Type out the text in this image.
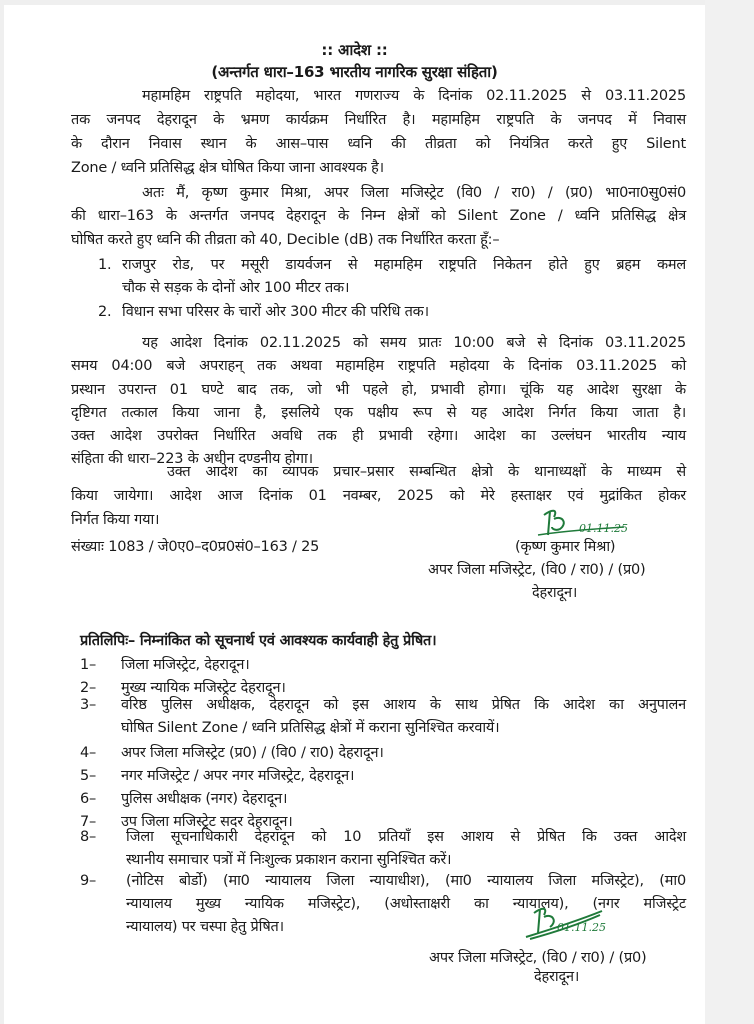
:: आदेश ::
(अन्तर्गत धारा–163 भारतीय नागरिक सुरक्षा संहिता)
महामहिम राष्ट्रपति महोदया, भारत गणराज्य के दिनांक 02.11.2025 से 03.11.2025
तक जनपद देहरादून के भ्रमण कार्यक्रम निर्धारित है। महामहिम राष्ट्रपति के जनपद में निवास
के दौरान निवास स्थान के आस–पास ध्वनि की तीव्रता को नियंत्रित करते हुए Silent
Zone / ध्वनि प्रतिसिद्ध क्षेत्र घोषित किया जाना आवश्यक है।
अतः मैं, कृष्ण कुमार मिश्रा, अपर जिला मजिस्ट्रेट (वि0 / रा0) / (प्र0) भा0ना0सु0सं0
की धारा–163 के अन्तर्गत जनपद देहरादून के निम्न क्षेत्रों को Silent Zone / ध्वनि प्रतिसिद्ध क्षेत्र
घोषित करते हुए ध्वनि की तीव्रता को 40, Decible (dB) तक निर्धारित करता हूँ:–
1. राजपुर रोड, पर मसूरी डायर्वजन से महामहिम राष्ट्रपति निकेतन होते हुए ब्रहम कमल
चौक से सड़क के दोनों ओर 100 मीटर तक।
2. विधान सभा परिसर के चारों ओर 300 मीटर की परिधि तक।
यह आदेश दिनांक 02.11.2025 को समय प्रातः 10:00 बजे से दिनांक 03.11.2025
समय 04:00 बजे अपराहन् तक अथवा महामहिम राष्ट्रपति महोदया के दिनांक 03.11.2025 को
प्रस्थान उपरान्त 01 घण्टे बाद तक, जो भी पहले हो, प्रभावी होगा। चूंकि यह आदेश सुरक्षा के
दृष्टिगत तत्काल किया जाना है, इसलिये एक पक्षीय रूप से यह आदेश निर्गत किया जाता है।
उक्त आदेश उपरोक्त निर्धारित अवधि तक ही प्रभावी रहेगा। आदेश का उल्लंघन भारतीय न्याय
संहिता की धारा–223 के अधीन दण्डनीय होगा।
उक्त आदेश का व्यापक प्रचार–प्रसार सम्बन्धित क्षेत्रो के थानाध्यक्षों के माध्यम से
किया जायेगा। आदेश आज दिनांक 01 नवम्बर, 2025 को मेरे हस्ताक्षर एवं मुद्रांकित होकर
निर्गत किया गया।
संख्याः 1083 / जे0ए0–द0प्र0सं0–163 / 25
01.11.25
(कृष्ण कुमार मिश्रा)
अपर जिला मजिस्ट्रेट, (वि0 / रा0) / (प्र0)
देहरादून।
प्रतिलिपिः– निम्नांकित को सूचनार्थ एवं आवश्यक कार्यवाही हेतु प्रेषित।
1– जिला मजिस्ट्रेट, देहरादून।
2– मुख्य न्यायिक मजिस्ट्रेट देहरादून।
3– वरिष्ठ पुलिस अधीक्षक, देहरादून को इस आशय के साथ प्रेषित कि आदेश का अनुपालन
घोषित Silent Zone / ध्वनि प्रतिसिद्ध क्षेत्रों में कराना सुनिश्चित करवायें।
4– अपर जिला मजिस्ट्रेट (प्र0) / (वि0 / रा0) देहरादून।
5– नगर मजिस्ट्रेट / अपर नगर मजिस्ट्रेट, देहरादून।
6– पुलिस अधीक्षक (नगर) देहरादून।
7– उप जिला मजिस्ट्रेट सदर देहरादून।
8– जिला सूचनाधिकारी देहरादून को 10 प्रतियाँ इस आशय से प्रेषित कि उक्त आदेश
स्थानीय समाचार पत्रों में निःशुल्क प्रकाशन कराना सुनिश्चित करें।
9– (नोटिस बोर्डो) (मा0 न्यायालय जिला न्यायाधीश), (मा0 न्यायालय जिला मजिस्ट्रेट), (मा0
न्यायालय मुख्य न्यायिक मजिस्ट्रेट), (अधोस्ताक्षरी का न्यायालय), (नगर मजिस्ट्रेट
न्यायालय) पर चस्पा हेतु प्रेषित।	01.11.25
अपर जिला मजिस्ट्रेट, (वि0 / रा0) / (प्र0)
देहरादून।
